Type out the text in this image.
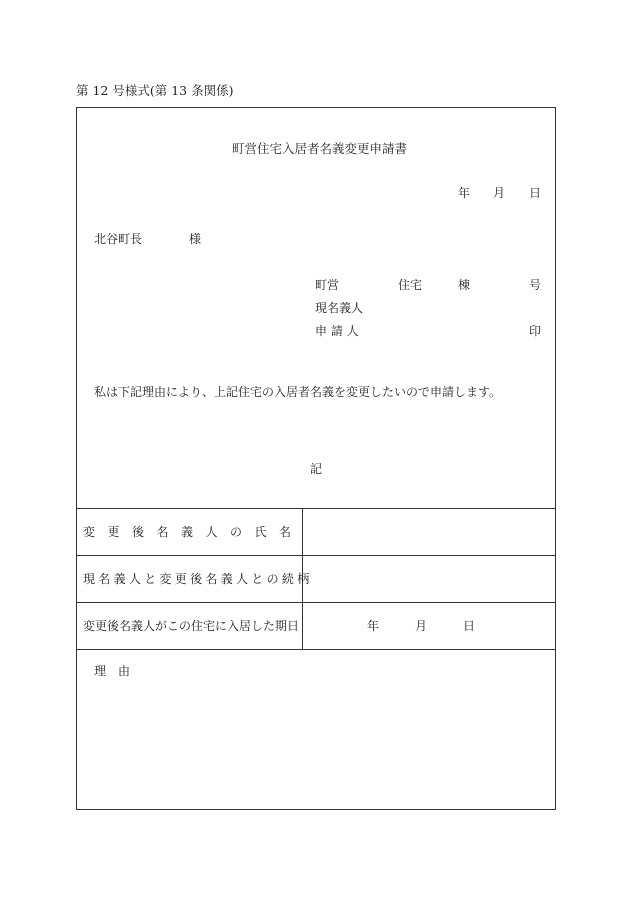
第 12 号様式(第 13 条関係)
町営住宅入居者名義変更申請書
年 月 日
北谷町長	様
町営	住宅	棟	号
現名義人
申 請 人	印
私は下記理由により、上記住宅の入居者名義を変更したいので申請します。
記
変更後名義人の氏名
現名義人と変更後名義人との続柄
変更後名義人がこの住宅に入居した期日	年	月	日
理　由
